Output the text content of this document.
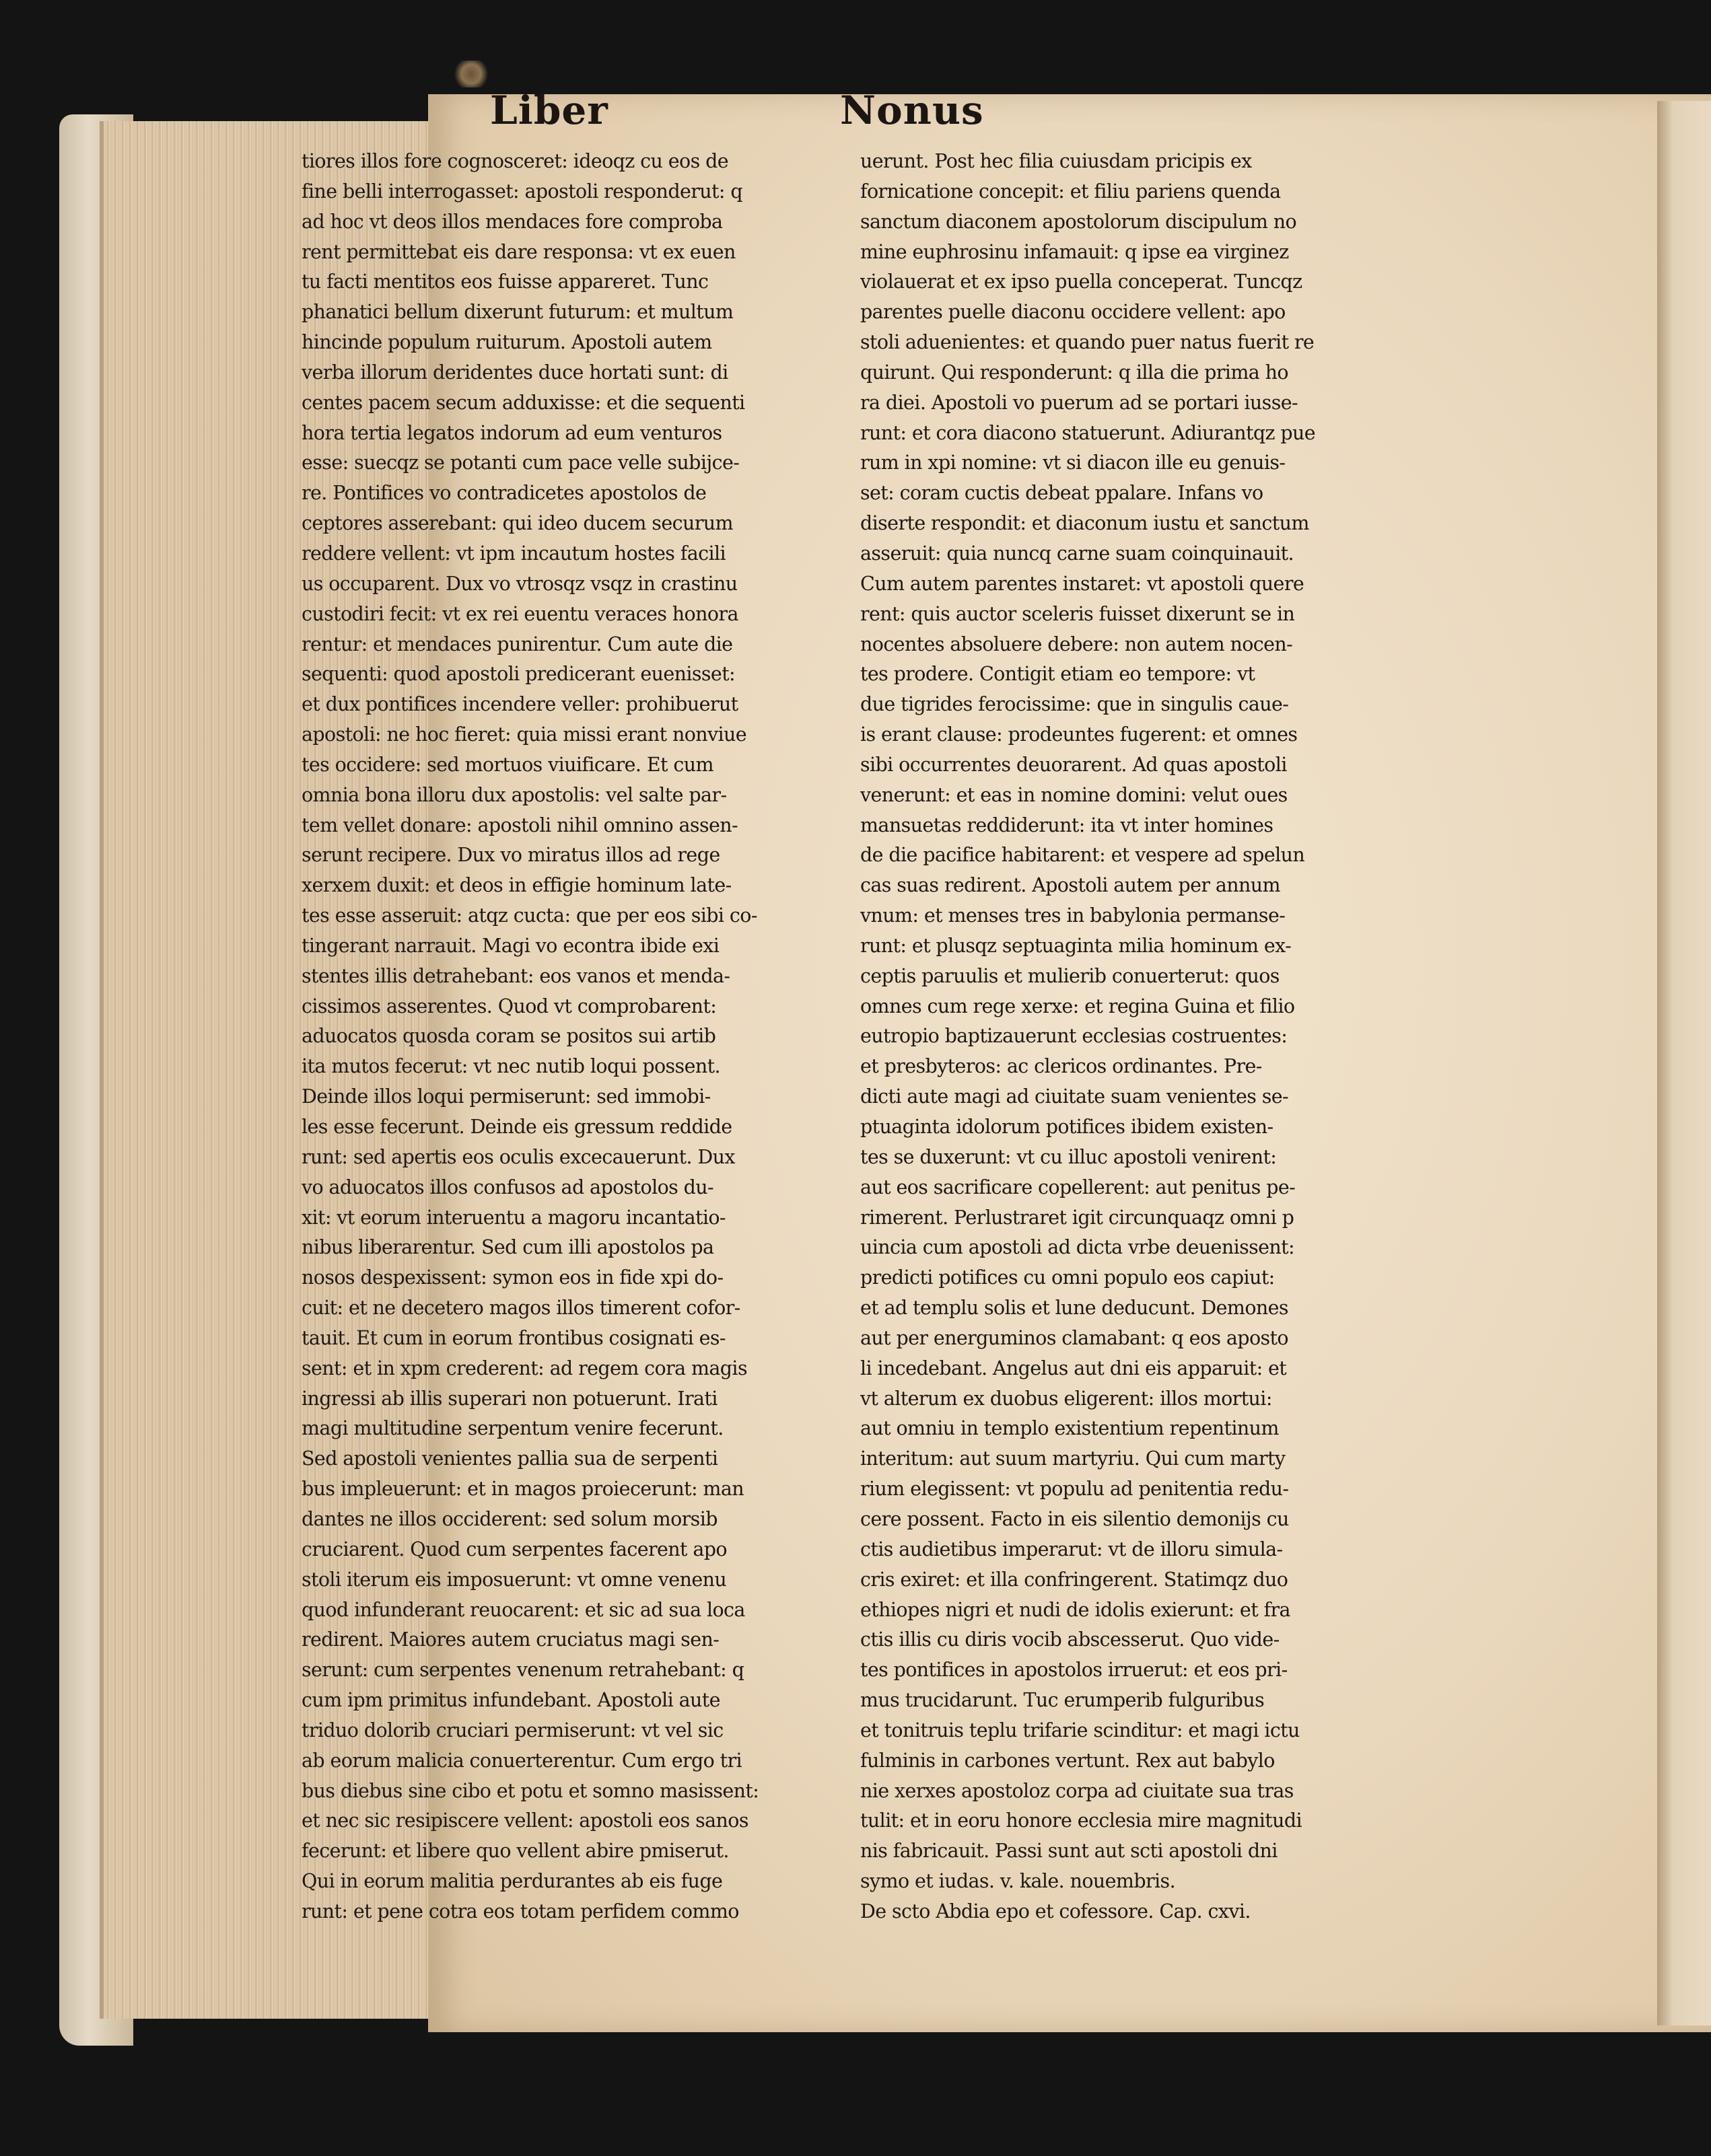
Liber	Nonus
tiores illos fore cognosceret: ideoqz cu eos de
fine belli interrogasset: apostoli responderut: q
ad hoc vt deos illos mendaces fore comproba
rent permittebat eis dare responsa: vt ex euen
tu facti mentitos eos fuisse appareret. Tunc
phanatici bellum dixerunt futurum: et multum
hincinde populum ruiturum. Apostoli autem
verba illorum deridentes duce hortati sunt: di
centes pacem secum adduxisse: et die sequenti
hora tertia legatos indorum ad eum venturos
esse: suecqz se potanti cum pace velle subijce-
re. Pontifices vo contradicetes apostolos de
ceptores asserebant: qui ideo ducem securum
reddere vellent: vt ipm incautum hostes facili
us occuparent. Dux vo vtrosqz vsqz in crastinu
custodiri fecit: vt ex rei euentu veraces honora
rentur: et mendaces punirentur. Cum aute die
sequenti: quod apostoli predicerant euenisset:
et dux pontifices incendere veller: prohibuerut
apostoli: ne hoc fieret: quia missi erant nonviue
tes occidere: sed mortuos viuificare. Et cum
omnia bona illoru dux apostolis: vel salte par-
tem vellet donare: apostoli nihil omnino assen-
serunt recipere. Dux vo miratus illos ad rege
xerxem duxit: et deos in effigie hominum late-
tes esse asseruit: atqz cucta: que per eos sibi co-
tingerant narrauit. Magi vo econtra ibide exi
stentes illis detrahebant: eos vanos et menda-
cissimos asserentes. Quod vt comprobarent:
aduocatos quosda coram se positos sui artib
ita mutos fecerut: vt nec nutib loqui possent.
Deinde illos loqui permiserunt: sed immobi-
les esse fecerunt. Deinde eis gressum reddide
runt: sed apertis eos oculis excecauerunt. Dux
vo aduocatos illos confusos ad apostolos du-
xit: vt eorum interuentu a magoru incantatio-
nibus liberarentur. Sed cum illi apostolos pa
nosos despexissent: symon eos in fide xpi do-
cuit: et ne decetero magos illos timerent cofor-
tauit. Et cum in eorum frontibus cosignati es-
sent: et in xpm crederent: ad regem cora magis
ingressi ab illis superari non potuerunt. Irati
magi multitudine serpentum venire fecerunt.
Sed apostoli venientes pallia sua de serpenti
bus impleuerunt: et in magos proiecerunt: man
dantes ne illos occiderent: sed solum morsib
cruciarent. Quod cum serpentes facerent apo
stoli iterum eis imposuerunt: vt omne venenu
quod infunderant reuocarent: et sic ad sua loca
redirent. Maiores autem cruciatus magi sen-
serunt: cum serpentes venenum retrahebant: q
cum ipm primitus infundebant. Apostoli aute
triduo dolorib cruciari permiserunt: vt vel sic
ab eorum malicia conuerterentur. Cum ergo tri
bus diebus sine cibo et potu et somno masissent:
et nec sic resipiscere vellent: apostoli eos sanos
fecerunt: et libere quo vellent abire pmiserut.
Qui in eorum malitia perdurantes ab eis fuge
runt: et pene cotra eos totam perfidem commo
uerunt. Post hec filia cuiusdam pricipis ex
fornicatione concepit: et filiu pariens quenda
sanctum diaconem apostolorum discipulum no
mine euphrosinu infamauit: q ipse ea virginez
violauerat et ex ipso puella conceperat. Tuncqz
parentes puelle diaconu occidere vellent: apo
stoli aduenientes: et quando puer natus fuerit re
quirunt. Qui responderunt: q illa die prima ho
ra diei. Apostoli vo puerum ad se portari iusse-
runt: et cora diacono statuerunt. Adiurantqz pue
rum in xpi nomine: vt si diacon ille eu genuis-
set: coram cuctis debeat ppalare. Infans vo
diserte respondit: et diaconum iustu et sanctum
asseruit: quia nuncq carne suam coinquinauit.
Cum autem parentes instaret: vt apostoli quere
rent: quis auctor sceleris fuisset dixerunt se in
nocentes absoluere debere: non autem nocen-
tes prodere. Contigit etiam eo tempore: vt
due tigrides ferocissime: que in singulis caue-
is erant clause: prodeuntes fugerent: et omnes
sibi occurrentes deuorarent. Ad quas apostoli
venerunt: et eas in nomine domini: velut oues
mansuetas reddiderunt: ita vt inter homines
de die pacifice habitarent: et vespere ad spelun
cas suas redirent. Apostoli autem per annum
vnum: et menses tres in babylonia permanse-
runt: et plusqz septuaginta milia hominum ex-
ceptis paruulis et mulierib conuerterut: quos
omnes cum rege xerxe: et regina Guina et filio
eutropio baptizauerunt ecclesias costruentes:
et presbyteros: ac clericos ordinantes. Pre-
dicti aute magi ad ciuitate suam venientes se-
ptuaginta idolorum potifices ibidem existen-
tes se duxerunt: vt cu illuc apostoli venirent:
aut eos sacrificare copellerent: aut penitus pe-
rimerent. Perlustraret igit circunquaqz omni p
uincia cum apostoli ad dicta vrbe deuenissent:
predicti potifices cu omni populo eos capiut:
et ad templu solis et lune deducunt. Demones
aut per energuminos clamabant: q eos aposto
li incedebant. Angelus aut dni eis apparuit: et
vt alterum ex duobus eligerent: illos mortui:
aut omniu in templo existentium repentinum
interitum: aut suum martyriu. Qui cum marty
rium elegissent: vt populu ad penitentia redu-
cere possent. Facto in eis silentio demonijs cu
ctis audietibus imperarut: vt de illoru simula-
cris exiret: et illa confringerent. Statimqz duo
ethiopes nigri et nudi de idolis exierunt: et fra
ctis illis cu diris vocib abscesserut. Quo vide-
tes pontifices in apostolos irruerut: et eos pri-
mus trucidarunt. Tuc erumperib fulguribus
et tonitruis teplu trifarie scinditur: et magi ictu
fulminis in carbones vertunt. Rex aut babylo
nie xerxes apostoloz corpa ad ciuitate sua tras
tulit: et in eoru honore ecclesia mire magnitudi
nis fabricauit. Passi sunt aut scti apostoli dni
symo et iudas. v. kale. nouembris.
De scto Abdia epo et cofessore. Cap. cxvi.
